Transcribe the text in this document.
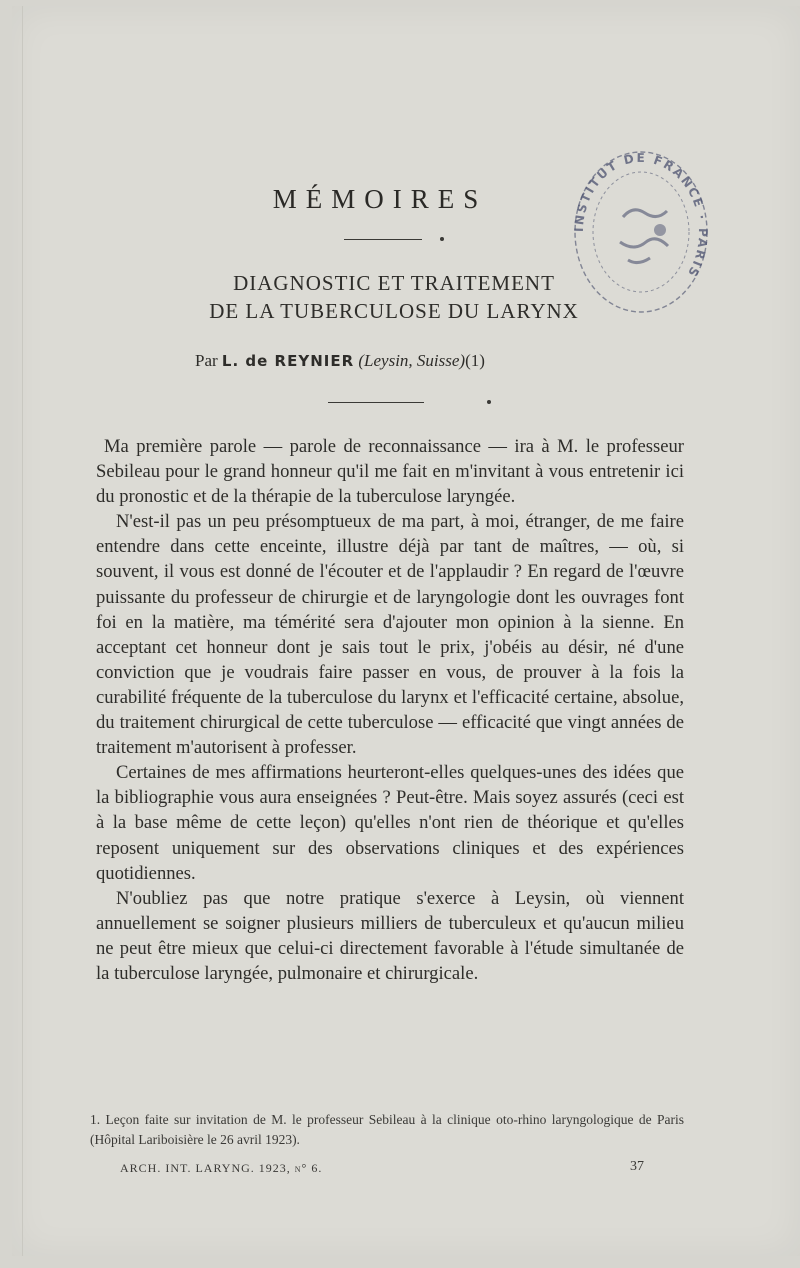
MÉMOIRES
DIAGNOSTIC ET TRAITEMENT
DE LA TUBERCULOSE DU LARYNX
Par L. de REYNIER (Leysin, Suisse)(1)

Ma première parole — parole de reconnaissance — ira à M. le professeur Sebileau pour le grand honneur qu'il me fait en m'invitant à vous entretenir ici du pronostic et de la thérapie de la tuberculose laryngée.

N'est-il pas un peu présomptueux de ma part, à moi, étranger, de me faire entendre dans cette enceinte, illustre déjà par tant de maîtres, — où, si souvent, il vous est donné de l'écouter et de l'applaudir ? En regard de l'œuvre puissante du professeur de chirurgie et de laryngologie dont les ouvrages font foi en la matière, ma témérité sera d'ajouter mon opinion à la sienne. En acceptant cet honneur dont je sais tout le prix, j'obéis au désir, né d'une conviction que je voudrais faire passer en vous, de prouver à la fois la curabilité fréquente de la tuberculose du larynx et l'efficacité certaine, absolue, du traitement chirurgical de cette tuberculose — efficacité que vingt années de traitement m'autorisent à professer.

Certaines de mes affirmations heurteront-elles quelques-unes des idées que la bibliographie vous aura enseignées ? Peut-être. Mais soyez assurés (ceci est à la base même de cette leçon) qu'elles n'ont rien de théorique et qu'elles reposent uniquement sur des observations cliniques et des expériences quotidiennes.

N'oubliez pas que notre pratique s'exerce à Leysin, où viennent annuellement se soigner plusieurs milliers de tuberculeux et qu'aucun milieu ne peut être mieux que celui-ci directement favorable à l'étude simultanée de la tuberculose laryngée, pulmonaire et chirurgicale.

1. Leçon faite sur invitation de M. le professeur Sebileau à la clinique oto-rhino laryngologique de Paris (Hôpital Lariboisière le 26 avril 1923).
ARCH. INT. LARYNG. 1923, n° 6.	37
INSTITUT DE FRANCE · PARIS
